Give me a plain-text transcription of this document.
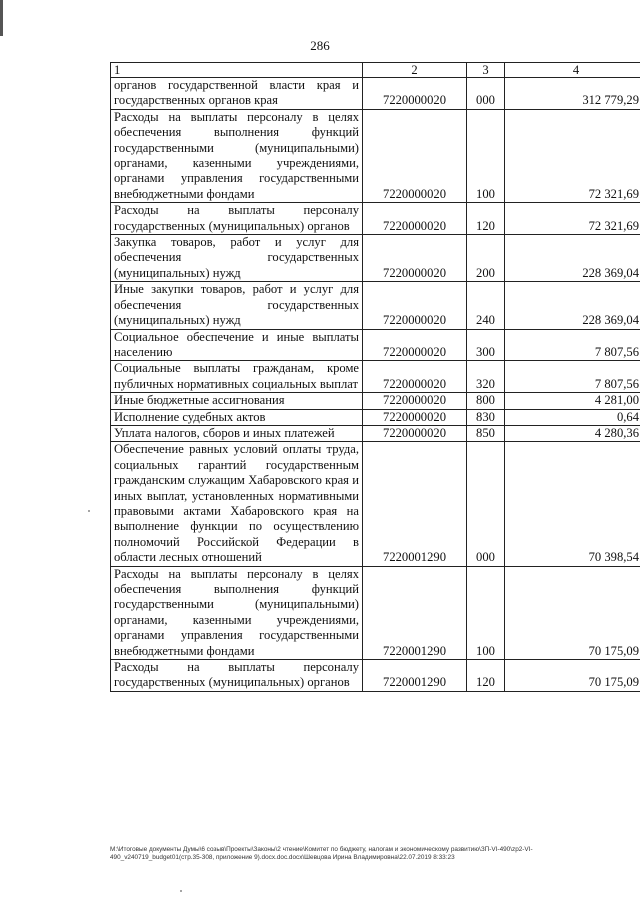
286
1	2	3	4
органов государственной власти края и государственных органов края	7220000020	000	312 779,29
Расходы на выплаты персоналу в целях обеспечения выполнения функций государственными (муниципальными) органами, казенными учреждениями, органами управления государственными внебюджетными фондами	7220000020	100	72 321,69
Расходы на выплаты персоналу государственных (муниципальных) органов	7220000020	120	72 321,69
Закупка товаров, работ и услуг для обеспечения государственных (муниципальных) нужд	7220000020	200	228 369,04
Иные закупки товаров, работ и услуг для обеспечения государственных (муниципальных) нужд	7220000020	240	228 369,04
Социальное обеспечение и иные выплаты населению	7220000020	300	7 807,56
Социальные выплаты гражданам, кроме публичных нормативных социальных выплат	7220000020	320	7 807,56
Иные бюджетные ассигнования	7220000020	800	4 281,00
Исполнение судебных актов	7220000020	830	0,64
Уплата налогов, сборов и иных платежей	7220000020	850	4 280,36
Обеспечение равных условий оплаты труда, социальных гарантий государственным гражданским служащим Хабаровского края и иных выплат, установленных нормативными правовыми актами Хабаровского края на выполнение функции по осуществлению полномочий Российской Федерации в области лесных отношений	7220001290	000	70 398,54
Расходы на выплаты персоналу в целях обеспечения выполнения функций государственными (муниципальными) органами, казенными учреждениями, органами управления государственными внебюджетными фондами	7220001290	100	70 175,09
Расходы на выплаты персоналу государственных (муниципальных) органов	7220001290	120	70 175,09
M:\Итоговые документы Думы\6 созыв\Проекты\Законы\2 чтение\Комитет по бюджету, налогам и экономическому развитию\ЗП-VI-490\zp2-VI-490_v240719_budget01(стр.35-308, приложение 9).docx.doc.docx\Шевцова Ирина Владимировна\22.07.2019 8:33:23
